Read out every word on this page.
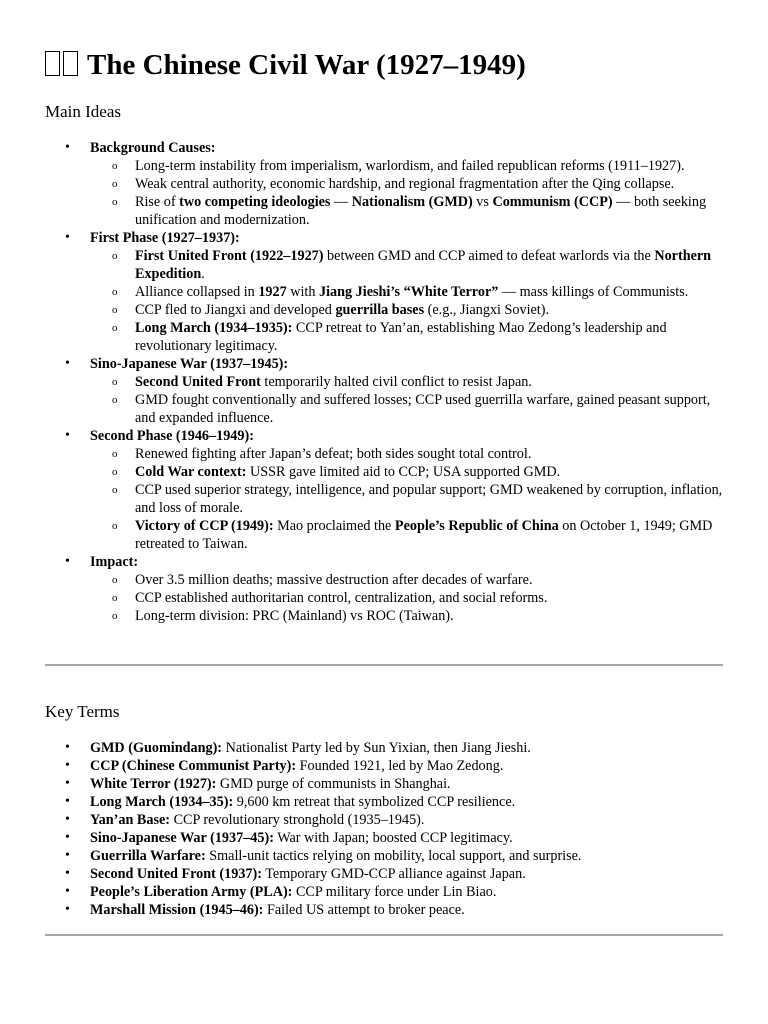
The Chinese Civil War (1927–1949)
Main Ideas
• Background Causes:
o Long-term instability from imperialism, warlordism, and failed republican reforms (1911–1927).
o Weak central authority, economic hardship, and regional fragmentation after the Qing collapse.
o Rise of two competing ideologies — Nationalism (GMD) vs Communism (CCP) — both seeking unification and modernization.
• First Phase (1927–1937):
o First United Front (1922–1927) between GMD and CCP aimed to defeat warlords via the Northern Expedition.
o Alliance collapsed in 1927 with Jiang Jieshi’s “White Terror” — mass killings of Communists.
o CCP fled to Jiangxi and developed guerrilla bases (e.g., Jiangxi Soviet).
o Long March (1934–1935): CCP retreat to Yan’an, establishing Mao Zedong’s leadership and revolutionary legitimacy.
• Sino-Japanese War (1937–1945):
o Second United Front temporarily halted civil conflict to resist Japan.
o GMD fought conventionally and suffered losses; CCP used guerrilla warfare, gained peasant support, and expanded influence.
• Second Phase (1946–1949):
o Renewed fighting after Japan’s defeat; both sides sought total control.
o Cold War context: USSR gave limited aid to CCP; USA supported GMD.
o CCP used superior strategy, intelligence, and popular support; GMD weakened by corruption, inflation, and loss of morale.
o Victory of CCP (1949): Mao proclaimed the People’s Republic of China on October 1, 1949; GMD retreated to Taiwan.
• Impact:
o Over 3.5 million deaths; massive destruction after decades of warfare.
o CCP established authoritarian control, centralization, and social reforms.
o Long-term division: PRC (Mainland) vs ROC (Taiwan).
Key Terms
• GMD (Guomindang): Nationalist Party led by Sun Yixian, then Jiang Jieshi.
• CCP (Chinese Communist Party): Founded 1921, led by Mao Zedong.
• White Terror (1927): GMD purge of communists in Shanghai.
• Long March (1934–35): 9,600 km retreat that symbolized CCP resilience.
• Yan’an Base: CCP revolutionary stronghold (1935–1945).
• Sino-Japanese War (1937–45): War with Japan; boosted CCP legitimacy.
• Guerrilla Warfare: Small-unit tactics relying on mobility, local support, and surprise.
• Second United Front (1937): Temporary GMD-CCP alliance against Japan.
• People’s Liberation Army (PLA): CCP military force under Lin Biao.
• Marshall Mission (1945–46): Failed US attempt to broker peace.
